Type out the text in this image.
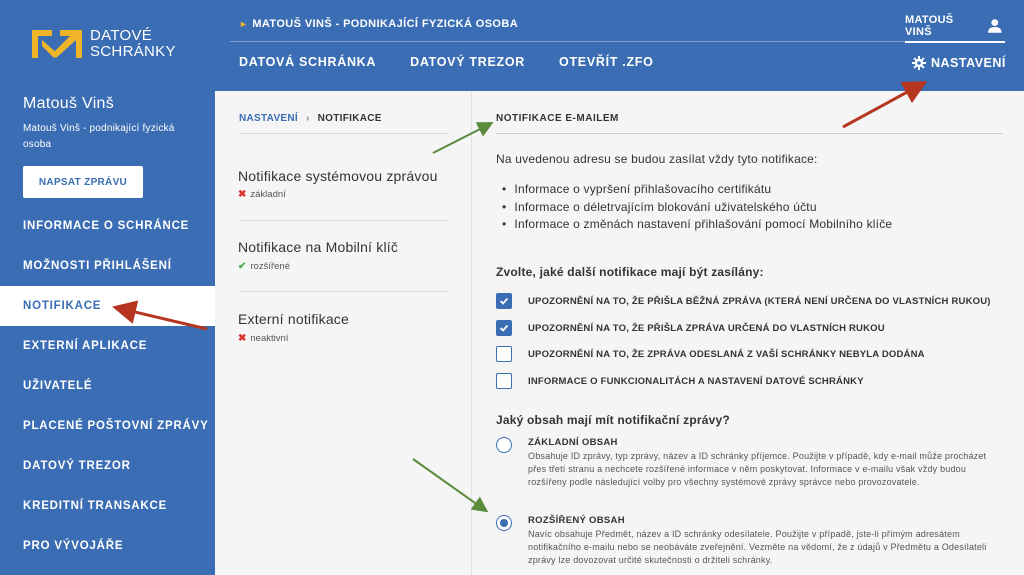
DATOVÉ
SCHRÁNKY
► MATOUŠ VINŠ - PODNIKAJÍCÍ FYZICKÁ OSOBA	MATOUŠ VINŠ
DATOVÁ SCHRÁNKA	DATOVÝ TREZOR	OTEVŘÍT .ZFO	NASTAVENÍ
Matouš Vinš
Matouš Vinš - podnikající fyzická osoba
NAPSAT ZPRÁVU
INFORMACE O SCHRÁNCE
MOŽNOSTI PŘIHLÁŠENÍ
NOTIFIKACE
EXTERNÍ APLIKACE
UŽIVATELÉ
PLACENÉ POŠTOVNÍ ZPRÁVY
DATOVÝ TREZOR
KREDITNÍ TRANSAKCE
PRO VÝVOJÁŘE
NASTAVENÍ › NOTIFIKACE
Notifikace systémovou zprávou
✖ základní
Notifikace na Mobilní klíč
✔ rozšířené
Externí notifikace
✖ neaktivní
NOTIFIKACE E-MAILEM
Na uvedenou adresu se budou zasílat vždy tyto notifikace:
• Informace o vypršení přihlašovacího certifikátu
• Informace o déletrvajícím blokování uživatelského účtu
• Informace o změnách nastavení přihlašování pomocí Mobilního klíče
Zvolte, jaké další notifikace mají být zasílány:
UPOZORNĚNÍ NA TO, ŽE PŘIŠLA BĚŽNÁ ZPRÁVA (KTERÁ NENÍ URČENA DO VLASTNÍCH RUKOU)
UPOZORNĚNÍ NA TO, ŽE PŘIŠLA ZPRÁVA URČENÁ DO VLASTNÍCH RUKOU
UPOZORNĚNÍ NA TO, ŽE ZPRÁVA ODESLANÁ Z VAŠÍ SCHRÁNKY NEBYLA DODÁNA
INFORMACE O FUNKCIONALITÁCH A NASTAVENÍ DATOVÉ SCHRÁNKY
Jaký obsah mají mít notifikační zprávy?
ZÁKLADNÍ OBSAH
Obsahuje ID zprávy, typ zprávy, název a ID schránky příjemce. Použijte v případě, kdy e-mail může procházet přes třetí stranu a nechcete rozšířené informace v něm poskytovat. Informace v e-mailu však vždy budou rozšířeny podle následující volby pro všechny systémové zprávy správce nebo provozovatele.
ROZŠÍŘENÝ OBSAH
Navíc obsahuje Předmět, název a ID schránky odesílatele. Použijte v případě, jste-li přímým adresátem notifikačního e-mailu nebo se neobáváte zveřejnění. Vezměte na vědomí, že z údajů v Předmětu a Odesílateli zprávy lze dovozovat určité skutečnosti o držiteli schránky.
